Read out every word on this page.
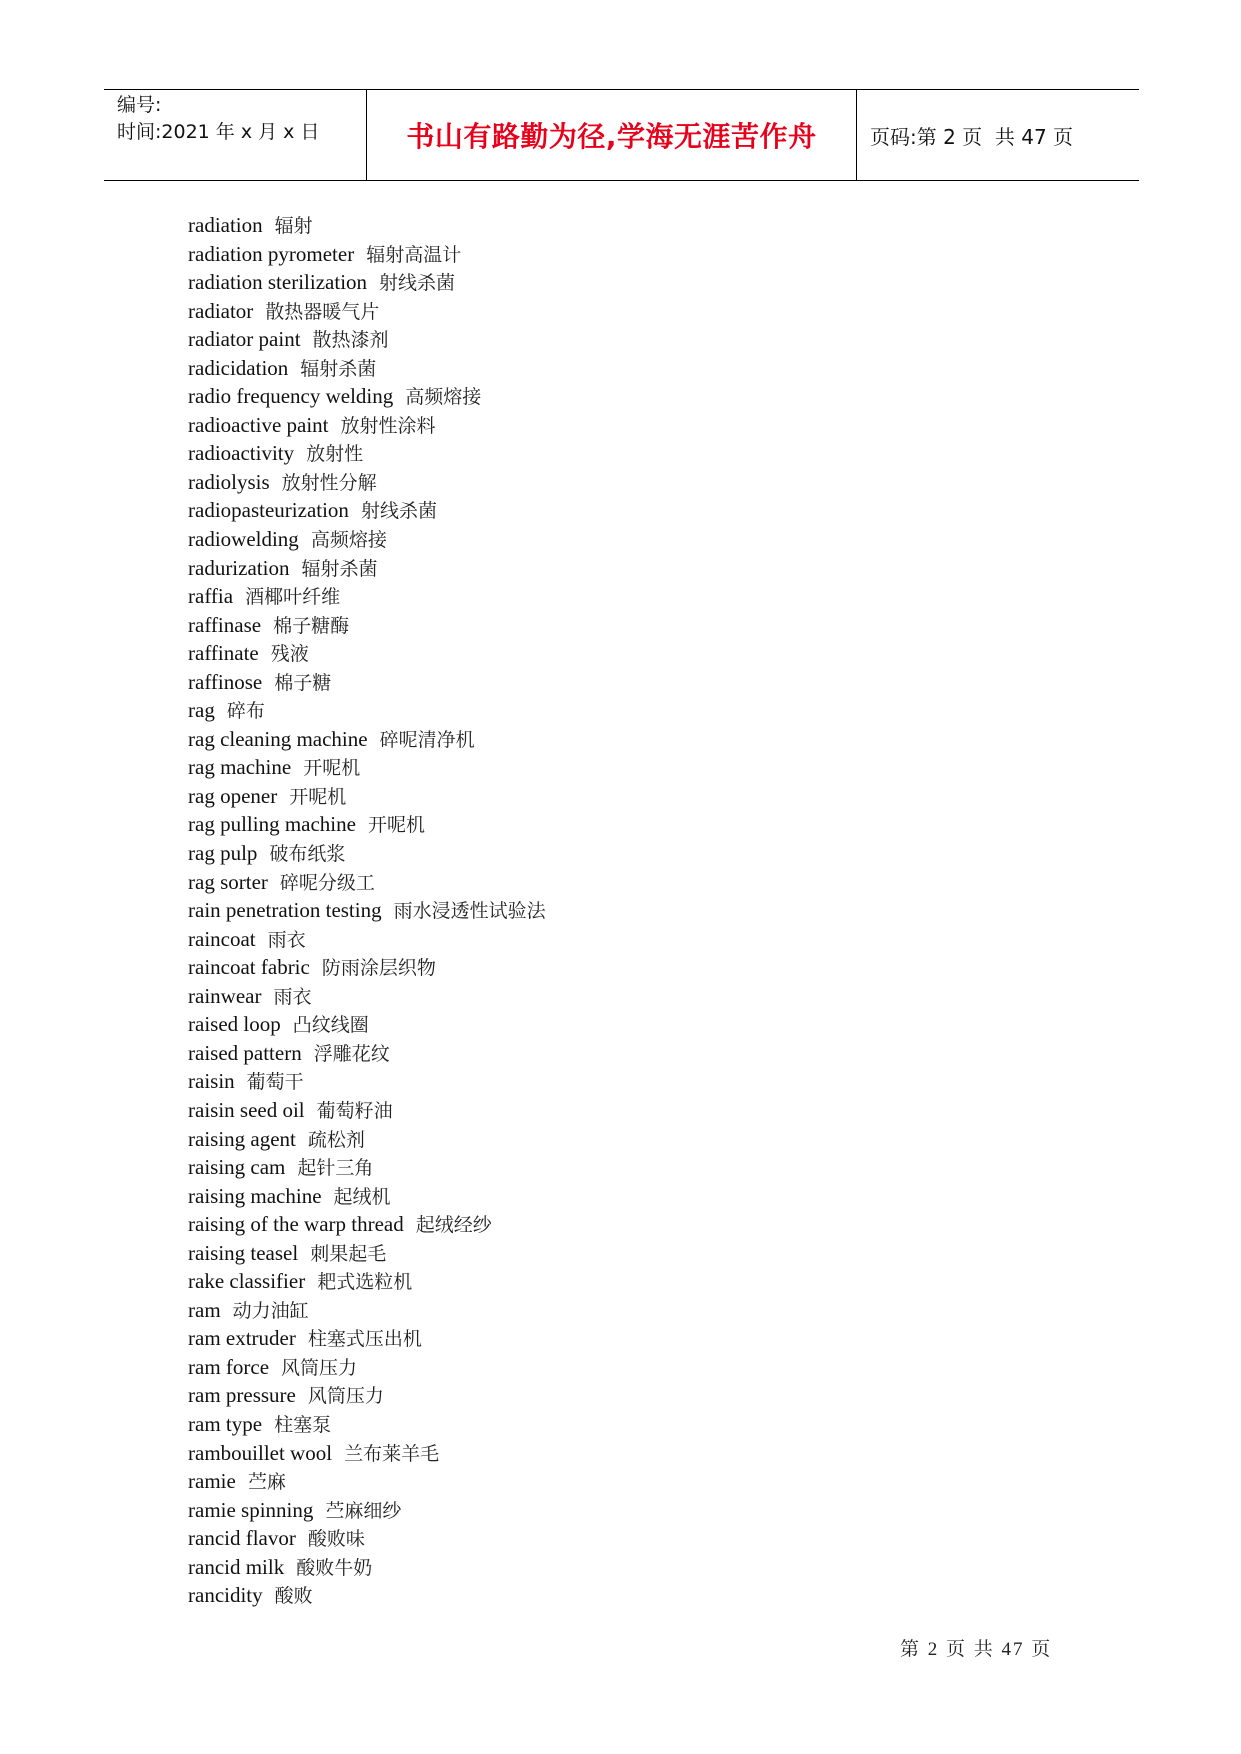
编号:
时间:2021 年 x 月 x 日	书山有路勤为径,学海无涯苦作舟	页码:第 2 页  共 47 页
radiation 辐射
radiation pyrometer 辐射高温计
radiation sterilization 射线杀菌
radiator 散热器暖气片
radiator paint 散热漆剂
radicidation 辐射杀菌
radio frequency welding 高频熔接
radioactive paint 放射性涂料
radioactivity 放射性
radiolysis 放射性分解
radiopasteurization 射线杀菌
radiowelding 高频熔接
radurization 辐射杀菌
raffia 酒椰叶纤维
raffinase 棉子糖酶
raffinate 残液
raffinose 棉子糖
rag 碎布
rag cleaning machine 碎呢清净机
rag machine 开呢机
rag opener 开呢机
rag pulling machine 开呢机
rag pulp 破布纸浆
rag sorter 碎呢分级工
rain penetration testing 雨水浸透性试验法
raincoat 雨衣
raincoat fabric 防雨涂层织物
rainwear 雨衣
raised loop 凸纹线圈
raised pattern 浮雕花纹
raisin 葡萄干
raisin seed oil 葡萄籽油
raising agent 疏松剂
raising cam 起针三角
raising machine 起绒机
raising of the warp thread 起绒经纱
raising teasel 刺果起毛
rake classifier 耙式选粒机
ram 动力油缸
ram extruder 柱塞式压出机
ram force 风筒压力
ram pressure 风筒压力
ram type 柱塞泵
rambouillet wool 兰布莱羊毛
ramie 苎麻
ramie spinning 苎麻细纱
rancid flavor 酸败味
rancid milk 酸败牛奶
rancidity 酸败
第 2 页 共 47 页
